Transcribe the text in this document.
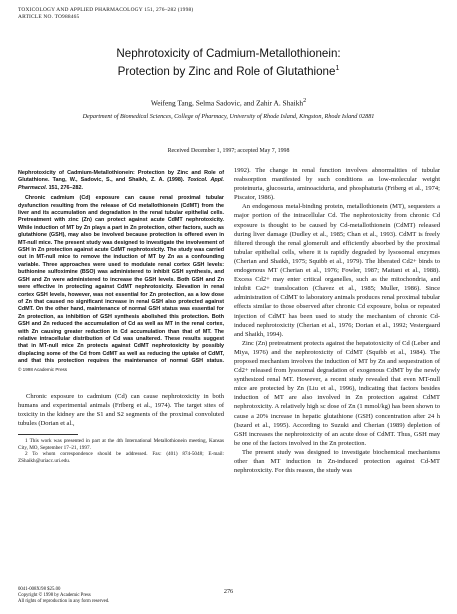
TOXICOLOGY AND APPLIED PHARMACOLOGY 151, 276–282 (1998)
ARTICLE NO. TO988465
Nephrotoxicity of Cadmium-Metallothionein:
Protection by Zinc and Role of Glutathione$^1$
Weifeng Tang, Selma Sadovic, and Zahir A. Shaikh$^2$
Department of Biomedical Sciences, College of Pharmacy, University of Rhode Island, Kingston, Rhode Island 02881
Received December 1, 1997; accepted May 7, 1998

Nephrotoxicity of Cadmium-Metallothionein: Protection by Zinc and Role of Glutathione. Tang, W., Sadovic, S., and Shaikh, Z. A. (1998). Toxicol. Appl. Pharmacol. 151, 276–282.

Chronic cadmium (Cd) exposure can cause renal proximal tubular dysfunction resulting from the release of Cd metallothionein (CdMT) from the liver and its accumulation and degradation in the renal tubular epithelial cells. Pretreatment with zinc (Zn) can protect against acute CdMT nephrotoxicity. While induction of MT by Zn plays a part in Zn protection, other factors, such as glutathione (GSH), may also be involved because protection is offered even in MT-null mice. The present study was designed to investigate the involvement of GSH in Zn protection against acute CdMT nephrotoxicity. The study was carried out in MT-null mice to remove the induction of MT by Zn as a confounding variable. Three approaches were used to modulate renal cortex GSH levels: buthionine sulfoximine (BSO) was administered to inhibit GSH synthesis, and GSH and Zn were administered to increase the GSH levels. Both GSH and Zn were effective in protecting against CdMT nephrotoxicity. Elevation in renal cortex GSH levels, however, was not essential for Zn protection, as a low dose of Zn that caused no significant increase in renal GSH also protected against CdMT. On the other hand, maintenance of normal GSH status was essential for Zn protection, as inhibition of GSH synthesis abolished this protection. Both GSH and Zn reduced the accumulation of Cd as well as MT in the renal cortex, with Zn causing greater reduction in Cd accumulation than that of MT. The relative intracellular distribution of Cd was unaltered. These results suggest that in MT-null mice Zn protects against CdMT nephrotoxicity by possibly displacing some of the Cd from CdMT as well as reducing the uptake of CdMT, and that this protection requires the maintenance of normal GSH status. © 1998 Academic Press

Chronic exposure to cadmium (Cd) can cause nephrotoxicity in both humans and experimental animals (Friberg et al., 1974). The target sites of toxicity in the kidney are the S1 and S2 segments of the proximal convoluted tubules (Dorian et al.,

1 This work was presented in part at the 4th International Metallothionein meeting, Kansas City, MO, September 17–21, 1997.
2 To whom correspondence should be addressed. Fax: (401) 874-5048; E-mail: ZShaikh@uriacc.uri.edu.

1992). The change in renal function involves abnormalities of tubular reabsorption manifested by such conditions as low-molecular weight proteinuria, glucosuria, aminoaciduria, and phosphaturia (Friberg et al., 1974; Piscator, 1986).

An endogenous metal-binding protein, metallothionein (MT), sequesters a major portion of the intracellular Cd. The nephrotoxicity from chronic Cd exposure is thought to be caused by Cd-metallothionein (CdMT) released during liver damage (Dudley et al., 1985; Chan et al., 1993). CdMT is freely filtered through the renal glomeruli and efficiently absorbed by the proximal tubular epithelial cells, where it is rapidly degraded by lysosomal enzymes (Cherian and Shaikh, 1975; Squibb et al., 1979). The liberated Cd2+ binds to endogenous MT (Cherian et al., 1976; Fowler, 1987; Maitani et al., 1988). Excess Cd2+ may enter critical organelles, such as the mitochondria, and inhibit Ca2+ translocation (Chavez et al., 1985; Muller, 1986). Since administration of CdMT to laboratory animals produces renal proximal tubular effects similar to those observed after chronic Cd exposure, bolus or repeated injection of CdMT has been used to study the mechanism of chronic Cd-induced nephrotoxicity (Cherian et al., 1976; Dorian et al., 1992; Vestergaard and Shaikh, 1994).

Zinc (Zn) pretreatment protects against the hepatotoxicity of Cd (Leber and Miya, 1976) and the nephrotoxicity of CdMT (Squibb et al., 1984). The proposed mechanism involves the induction of MT by Zn and sequestration of Cd2+ released from lysosomal degradation of exogenous CdMT by the newly synthesized renal MT. However, a recent study revealed that even MT-null mice are protected by Zn (Liu et al., 1996), indicating that factors besides induction of MT are also involved in Zn protection against CdMT nephrotoxicity. A relatively high sc dose of Zn (1 mmol/kg) has been shown to cause a 20% increase in hepatic glutathione (GSH) concentration after 24 h (Iszard et al., 1995). According to Suzuki and Cherian (1989) depletion of GSH increases the nephrotoxicity of an acute dose of CdMT. Thus, GSH may be one of the factors involved in the Zn protection.

The present study was designed to investigate biochemical mechanisms other than MT induction in Zn-induced protection against Cd-MT nephrotoxicity. For this reason, the study was

0041-008X/98 $25.00
Copyright © 1998 by Academic Press
All rights of reproduction in any form reserved.
276
